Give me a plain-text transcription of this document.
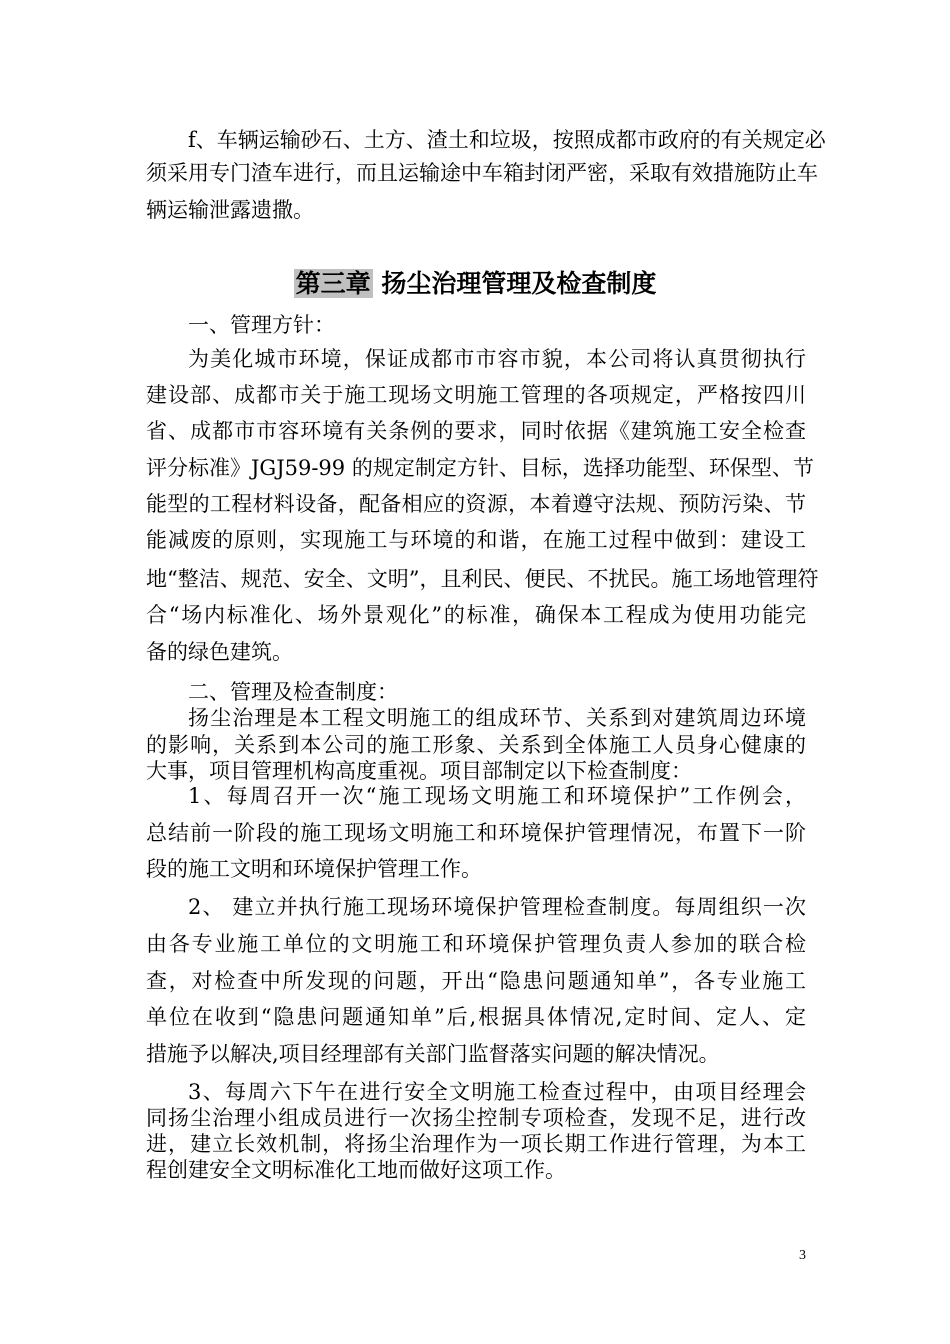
f、车辆运输砂石、土方、渣土和垃圾，按照成都市政府的有关规定必
须采用专门渣车进行，而且运输途中车箱封闭严密，采取有效措施防止车
辆运输泄露遗撒。
第三章 扬尘治理管理及检查制度
一、管理方针：
为美化城市环境，保证成都市市容市貌，本公司将认真贯彻执行
建设部、成都市关于施工现场文明施工管理的各项规定，严格按四川
省、成都市市容环境有关条例的要求，同时依据《建筑施工安全检查
评分标准》JGJ59-99 的规定制定方针、目标，选择功能型、环保型、节
能型的工程材料设备，配备相应的资源，本着遵守法规、预防污染、节
能减废的原则，实现施工与环境的和谐，在施工过程中做到：建设工
地“整洁、规范、安全、文明”，且利民、便民、不扰民。施工场地管理符
合“场内标准化、场外景观化”的标准，确保本工程成为使用功能完
备的绿色建筑。
二、管理及检查制度：
扬尘治理是本工程文明施工的组成环节、关系到对建筑周边环境
的影响，关系到本公司的施工形象、关系到全体施工人员身心健康的
大事，项目管理机构高度重视。项目部制定以下检查制度：
1、每周召开一次“施工现场文明施工和环境保护”工作例会，
总结前一阶段的施工现场文明施工和环境保护管理情况，布置下一阶
段的施工文明和环境保护管理工作。
2、 建立并执行施工现场环境保护管理检查制度。每周组织一次
由各专业施工单位的文明施工和环境保护管理负责人参加的联合检
查，对检查中所发现的问题，开出“隐患问题通知单”，各专业施工
单位在收到“隐患问题通知单”后,根据具体情况,定时间、定人、定
措施予以解决,项目经理部有关部门监督落实问题的解决情况。
3、每周六下午在进行安全文明施工检查过程中，由项目经理会
同扬尘治理小组成员进行一次扬尘控制专项检查，发现不足，进行改
进，建立长效机制，将扬尘治理作为一项长期工作进行管理，为本工
程创建安全文明标准化工地而做好这项工作。
3
